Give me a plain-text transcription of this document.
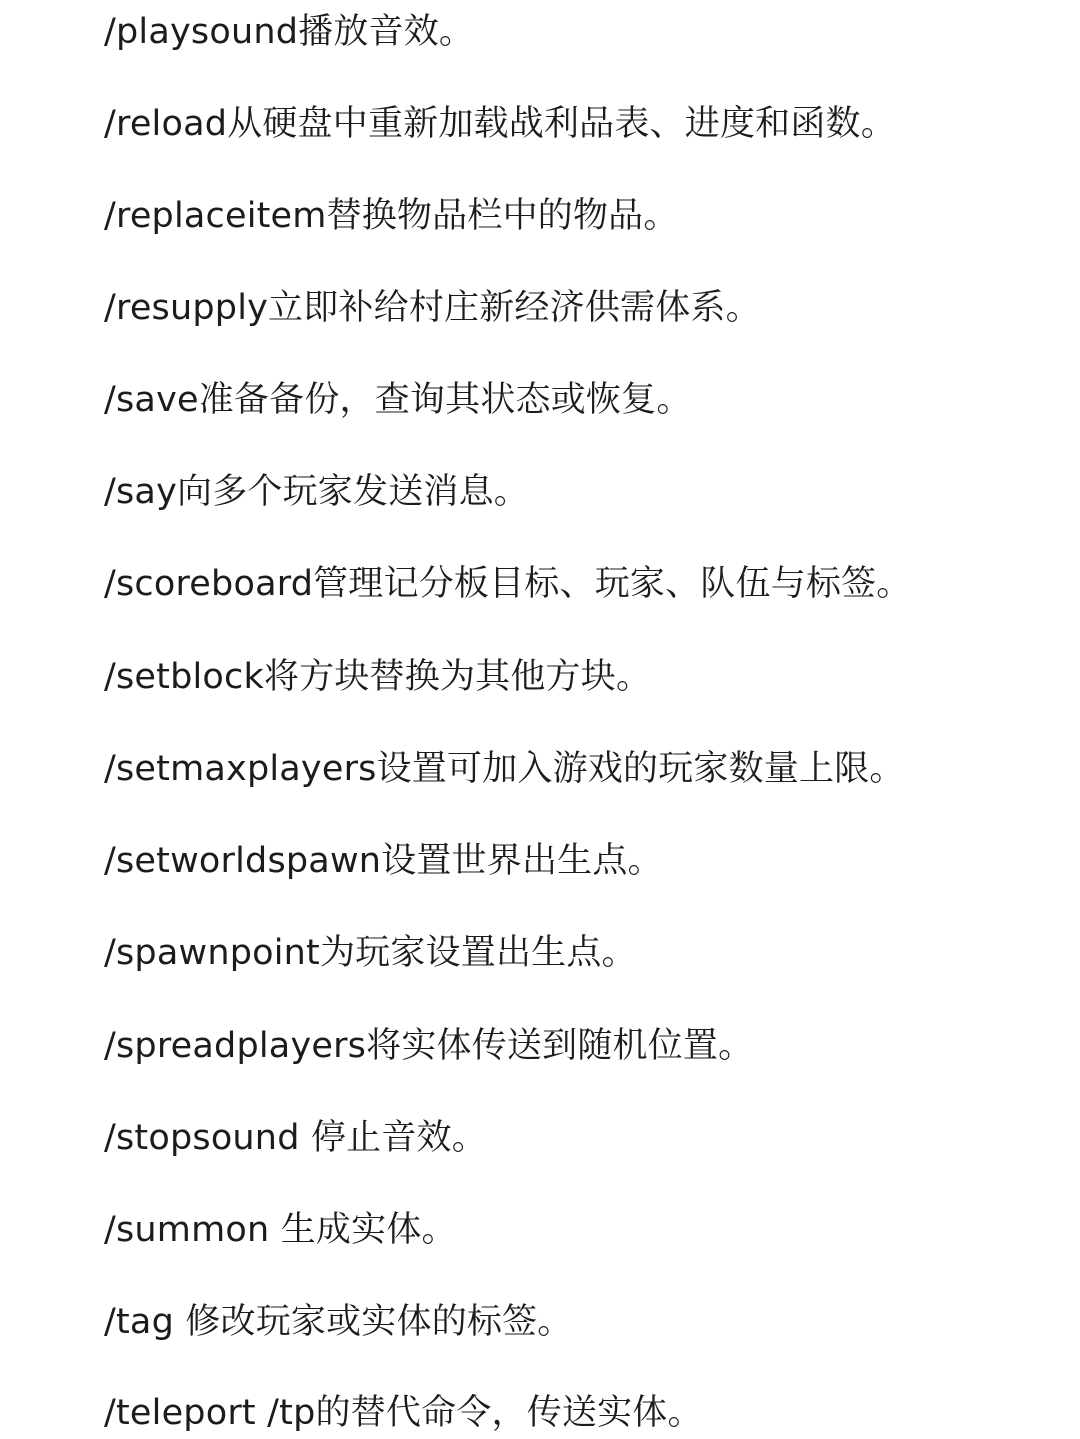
/playsound播放音效。
/reload从硬盘中重新加载战利品表、进度和函数。
/replaceitem替换物品栏中的物品。
/resupply立即补给村庄新经济供需体系。
/save准备备份，查询其状态或恢复。
/say向多个玩家发送消息。
/scoreboard管理记分板目标、玩家、队伍与标签。
/setblock将方块替换为其他方块。
/setmaxplayers设置可加入游戏的玩家数量上限。
/setworldspawn设置世界出生点。
/spawnpoint为玩家设置出生点。
/spreadplayers将实体传送到随机位置。
/stopsound 停止音效。
/summon 生成实体。
/tag 修改玩家或实体的标签。
/teleport /tp的替代命令，传送实体。
